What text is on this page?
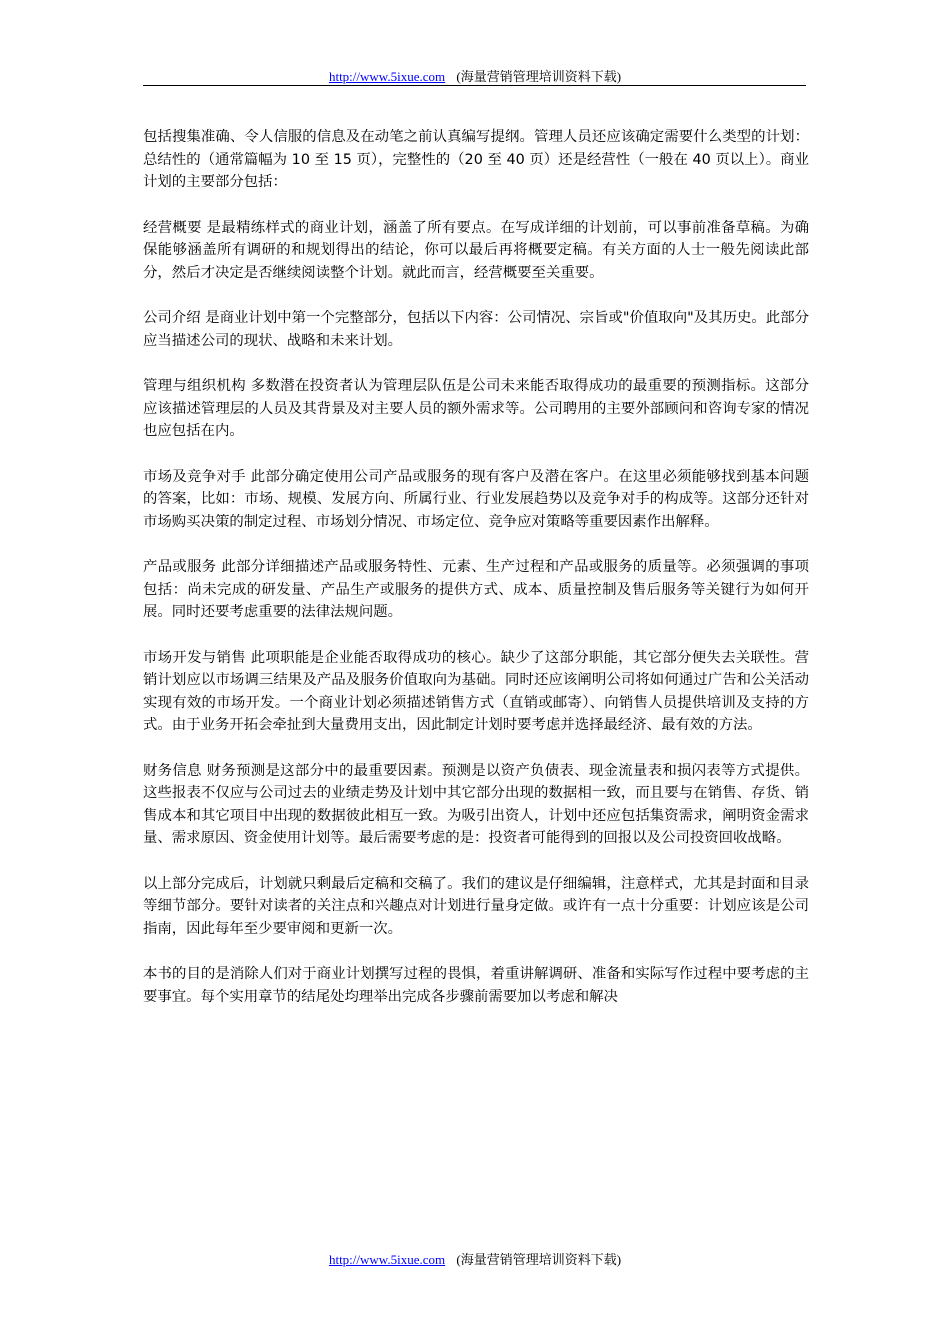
http://www.5ixue.com (海量营销管理培训资料下载)

包括搜集准确、令人信服的信息及在动笔之前认真编写提纲。管理人员还应该确定需要什么类型的计划：总结性的（通常篇幅为 10 至 15 页），完整性的（20 至 40 页）还是经营性（一般在 40 页以上）。商业计划的主要部分包括：

经营概要 是最精练样式的商业计划，涵盖了所有要点。在写成详细的计划前，可以事前准备草稿。为确保能够涵盖所有调研的和规划得出的结论，你可以最后再将概要定稿。有关方面的人士一般先阅读此部分，然后才决定是否继续阅读整个计划。就此而言，经营概要至关重要。

公司介绍 是商业计划中第一个完整部分，包括以下内容：公司情况、宗旨或"价值取向"及其历史。此部分应当描述公司的现状、战略和未来计划。

管理与组织机构 多数潜在投资者认为管理层队伍是公司未来能否取得成功的最重要的预测指标。这部分应该描述管理层的人员及其背景及对主要人员的额外需求等。公司聘用的主要外部顾问和咨询专家的情况也应包括在内。

市场及竞争对手 此部分确定使用公司产品或服务的现有客户及潜在客户。在这里必须能够找到基本问题的答案，比如：市场、规模、发展方向、所属行业、行业发展趋势以及竞争对手的构成等。这部分还针对市场购买决策的制定过程、市场划分情况、市场定位、竞争应对策略等重要因素作出解释。

产品或服务 此部分详细描述产品或服务特性、元素、生产过程和产品或服务的质量等。必须强调的事项包括：尚未完成的研发量、产品生产或服务的提供方式、成本、质量控制及售后服务等关键行为如何开展。同时还要考虑重要的法律法规问题。

市场开发与销售 此项职能是企业能否取得成功的核心。缺少了这部分职能，其它部分便失去关联性。营销计划应以市场调三结果及产品及服务价值取向为基础。同时还应该阐明公司将如何通过广告和公关活动实现有效的市场开发。一个商业计划必须描述销售方式（直销或邮寄）、向销售人员提供培训及支持的方式。由于业务开拓会牵扯到大量费用支出，因此制定计划时要考虑并选择最经济、最有效的方法。

财务信息 财务预测是这部分中的最重要因素。预测是以资产负债表、现金流量表和损闪表等方式提供。这些报表不仅应与公司过去的业绩走势及计划中其它部分出现的数据相一致，而且要与在销售、存货、销售成本和其它项目中出现的数据彼此相互一致。为吸引出资人，计划中还应包括集资需求，阐明资金需求量、需求原因、资金使用计划等。最后需要考虑的是：投资者可能得到的回报以及公司投资回收战略。

以上部分完成后，计划就只剩最后定稿和交稿了。我们的建议是仔细编辑，注意样式，尤其是封面和目录等细节部分。要针对读者的关注点和兴趣点对计划进行量身定做。或许有一点十分重要：计划应该是公司指南，因此每年至少要审阅和更新一次。

本书的目的是消除人们对于商业计划撰写过程的畏惧，着重讲解调研、准备和实际写作过程中要考虑的主要事宜。每个实用章节的结尾处均理举出完成各步骤前需要加以考虑和解决

http://www.5ixue.com (海量营销管理培训资料下载)
